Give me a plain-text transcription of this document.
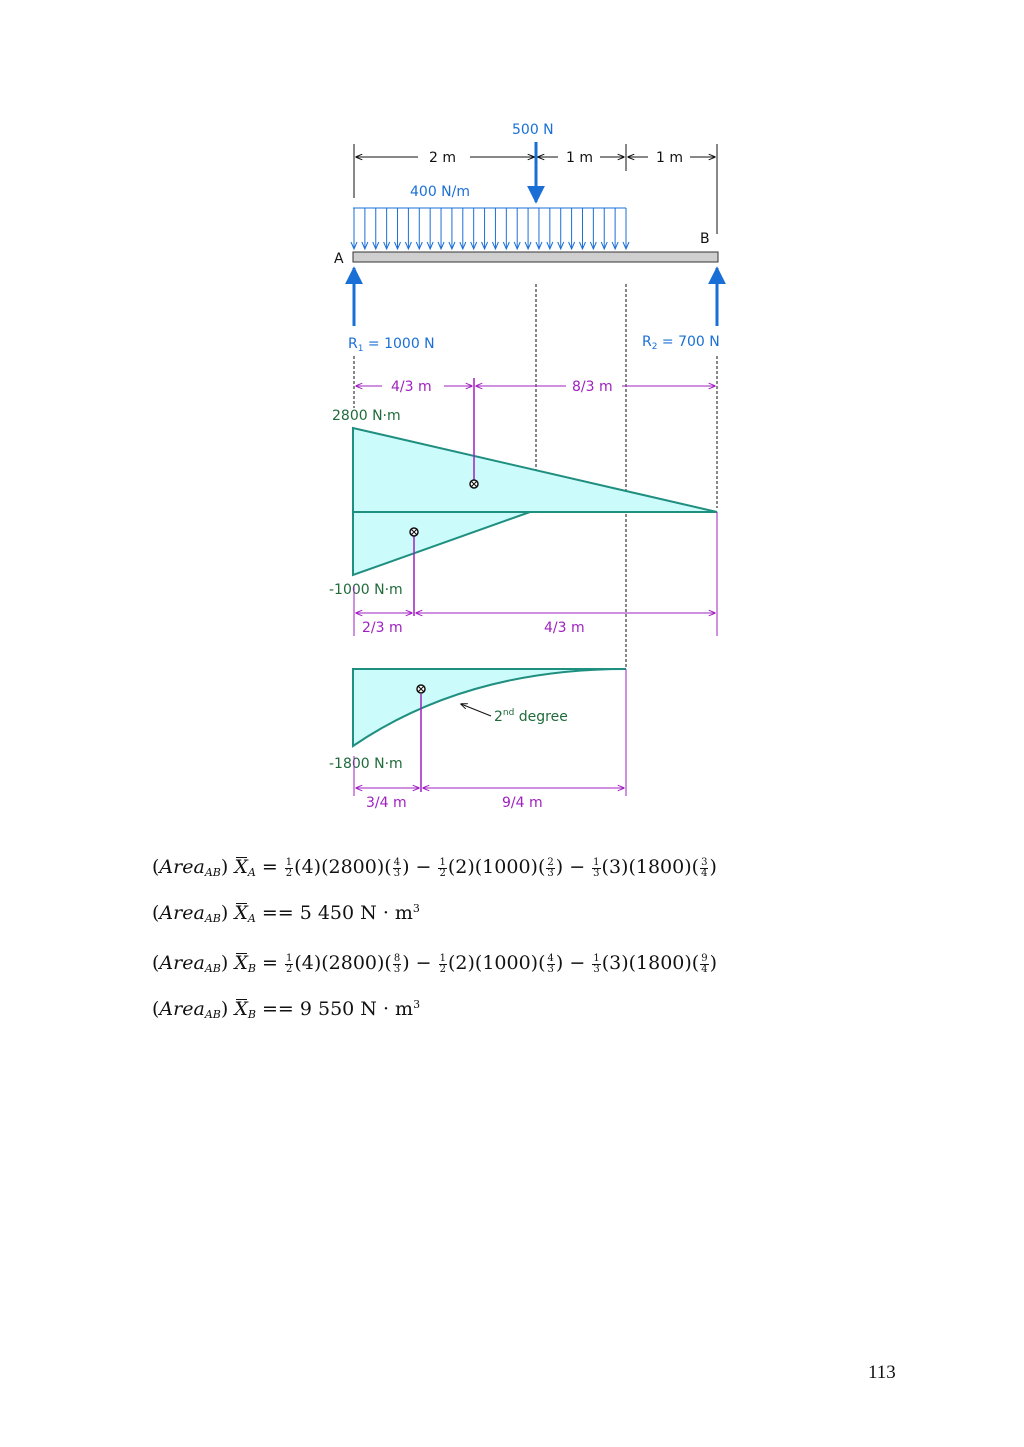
2 m	1 m	1 m
500 N
400 N/m
A
B
$R_1 = 1000$ N	$R_2 = 700$ N
2800 N·m
-1000 N·m
4/3 m	8/3 m
2/3 m	4/3 m
-1800 N·m
2nd degree
3/4 m	9/4 m
(Area$_{AB}$) $X_A = \frac{1}{2} (4)(2800)( \frac{4}{3}$ ) − $\frac{1}{2} (2)(1000)( \frac{2}{3}$ ) − $\frac{1}{3} (3)(1800)( \frac{3}{4}$ )
(Area$_{AB}$) $X_A == 5$ 450 $N \cdot m^3$
(Area$_{AB}$) $X_B = \frac{1}{2} (4)(2800)( \frac{8}{3}$ ) − $\frac{1}{2} (2)(1000)( \frac{4}{3}$ ) − $\frac{1}{3} (3)(1800)( \frac{9}{4}$ )
(Area$_{AB}$) $X_B == 9$ 550 $N \cdot m^3$
113
